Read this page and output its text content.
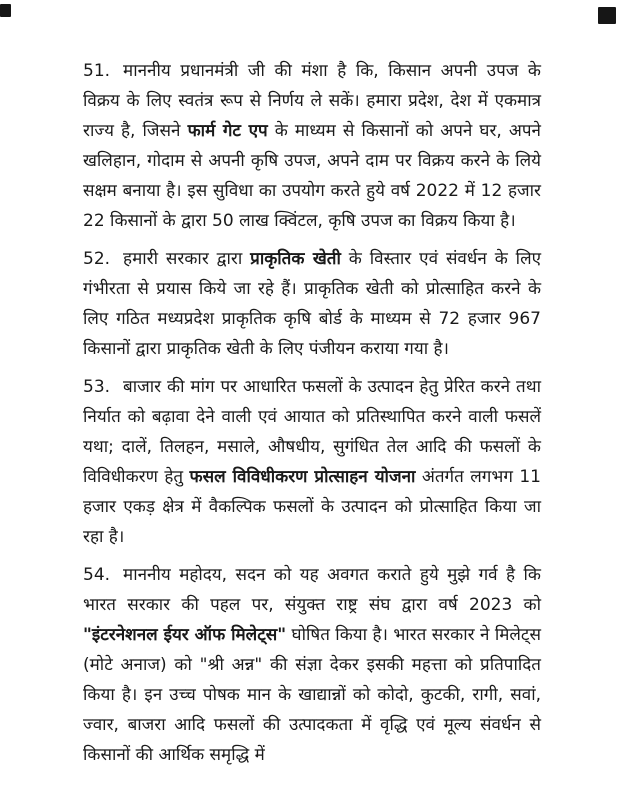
51. माननीय प्रधानमंत्री जी की मंशा है कि, किसान अपनी उपज के विक्रय के लिए स्वतंत्र रूप से निर्णय ले सकें। हमारा प्रदेश, देश में एकमात्र राज्य है, जिसने फार्म गेट एप के माध्यम से किसानों को अपने घर, अपने खलिहान, गोदाम से अपनी कृषि उपज, अपने दाम पर विक्रय करने के लिये सक्षम बनाया है। इस सुविधा का उपयोग करते हुये वर्ष 2022 में 12 हजार 22 किसानों के द्वारा 50 लाख क्विंटल, कृषि उपज का विक्रय किया है।

52. हमारी सरकार द्वारा प्राकृतिक खेती के विस्तार एवं संवर्धन के लिए गंभीरता से प्रयास किये जा रहे हैं। प्राकृतिक खेती को प्रोत्साहित करने के लिए गठित मध्यप्रदेश प्राकृतिक कृषि बोर्ड के माध्यम से 72 हजार 967 किसानों द्वारा प्राकृतिक खेती के लिए पंजीयन कराया गया है।

53. बाजार की मांग पर आधारित फसलों के उत्पादन हेतु प्रेरित करने तथा निर्यात को बढ़ावा देने वाली एवं आयात को प्रतिस्थापित करने वाली फसलें यथा; दालें, तिलहन, मसाले, औषधीय, सुगंधित तेल आदि की फसलों के विविधीकरण हेतु फसल विविधीकरण प्रोत्साहन योजना अंतर्गत लगभग 11 हजार एकड़ क्षेत्र में वैकल्पिक फसलों के उत्पादन को प्रोत्साहित किया जा रहा है।

54. माननीय महोदय, सदन को यह अवगत कराते हुये मुझे गर्व है कि भारत सरकार की पहल पर, संयुक्त राष्ट्र संघ द्वारा वर्ष 2023 को "इंटरनेशनल ईयर ऑफ मिलेट्स" घोषित किया है। भारत सरकार ने मिलेट्स (मोटे अनाज) को "श्री अन्न" की संज्ञा देकर इसकी महत्ता को प्रतिपादित किया है। इन उच्च पोषक मान के खाद्यान्नों को कोदो, कुटकी, रागी, सवां, ज्वार, बाजरा आदि फसलों की उत्पादकता में वृद्धि एवं मूल्य संवर्धन से किसानों की आर्थिक समृद्धि में
